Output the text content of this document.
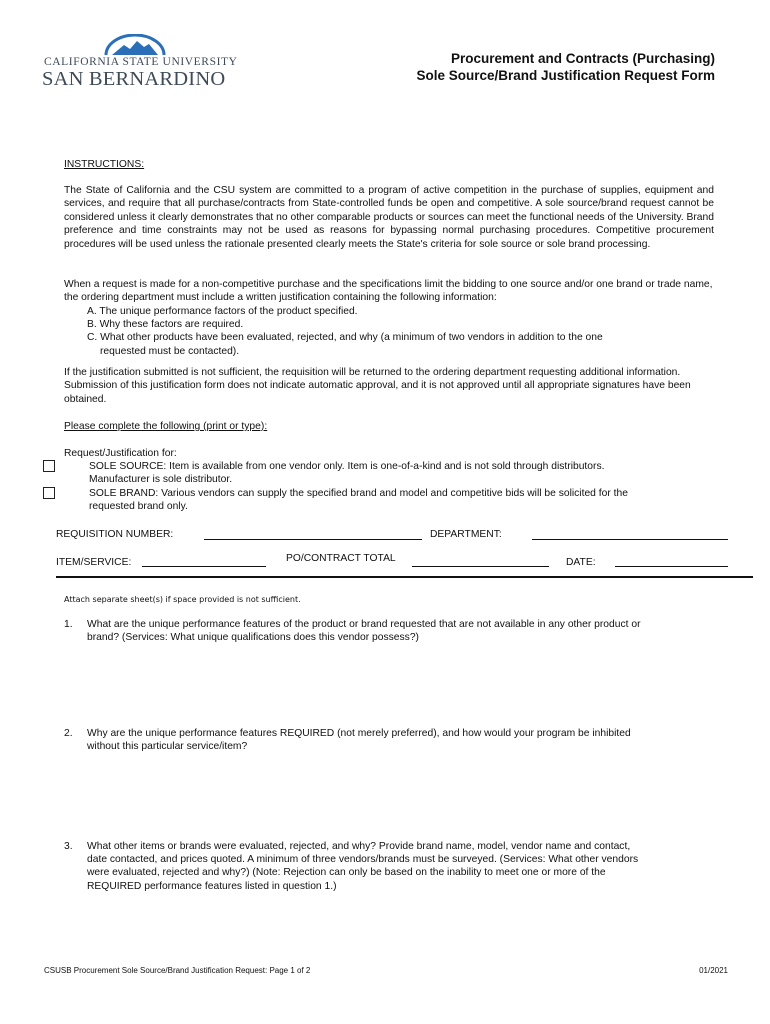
CALIFORNIA STATE UNIVERSITY
SAN BERNARDINO
Procurement and Contracts (Purchasing)
Sole Source/Brand Justification Request Form
INSTRUCTIONS:
The State of California and the CSU system are committed to a program of active competition in the purchase of supplies, equipment and services, and require that all purchase/contracts from State-controlled funds be open and competitive. A sole source/brand request cannot be considered unless it clearly demonstrates that no other comparable products or sources can meet the functional needs of the University. Brand preference and time constraints may not be used as reasons for bypassing normal purchasing procedures. Competitive procurement procedures will be used unless the rationale presented clearly meets the State's criteria for sole source or sole brand processing.
When a request is made for a non-competitive purchase and the specifications limit the bidding to one source and/or one brand or trade name, the ordering department must include a written justification containing the following information:
A. The unique performance factors of the product specified.
B. Why these factors are required.
C. What other products have been evaluated, rejected, and why (a minimum of two vendors in addition to the one
requested must be contacted).
If the justification submitted is not sufficient, the requisition will be returned to the ordering department requesting additional information. Submission of this justification form does not indicate automatic approval, and it is not approved until all appropriate signatures have been obtained.
Please complete the following (print or type):
Request/Justification for:
SOLE SOURCE: Item is available from one vendor only. Item is one-of-a-kind and is not sold through distributors.
Manufacturer is sole distributor.
SOLE BRAND: Various vendors can supply the specified brand and model and competitive bids will be solicited for the
requested brand only.
REQUISITION NUMBER:	DEPARTMENT:
ITEM/SERVICE:	PO/CONTRACT TOTAL	DATE:
Attach separate sheet(s) if space provided is not sufficient.
1. What are the unique performance features of the product or brand requested that are not available in any other product or
brand? (Services: What unique qualifications does this vendor possess?)
2. Why are the unique performance features REQUIRED (not merely preferred), and how would your program be inhibited
without this particular service/item?
3. What other items or brands were evaluated, rejected, and why? Provide brand name, model, vendor name and contact,
date contacted, and prices quoted. A minimum of three vendors/brands must be surveyed. (Services: What other vendors
were evaluated, rejected and why?) (Note: Rejection can only be based on the inability to meet one or more of the
REQUIRED performance features listed in question 1.)
CSUSB Procurement Sole Source/Brand Justification Request: Page 1 of 2	01/2021
